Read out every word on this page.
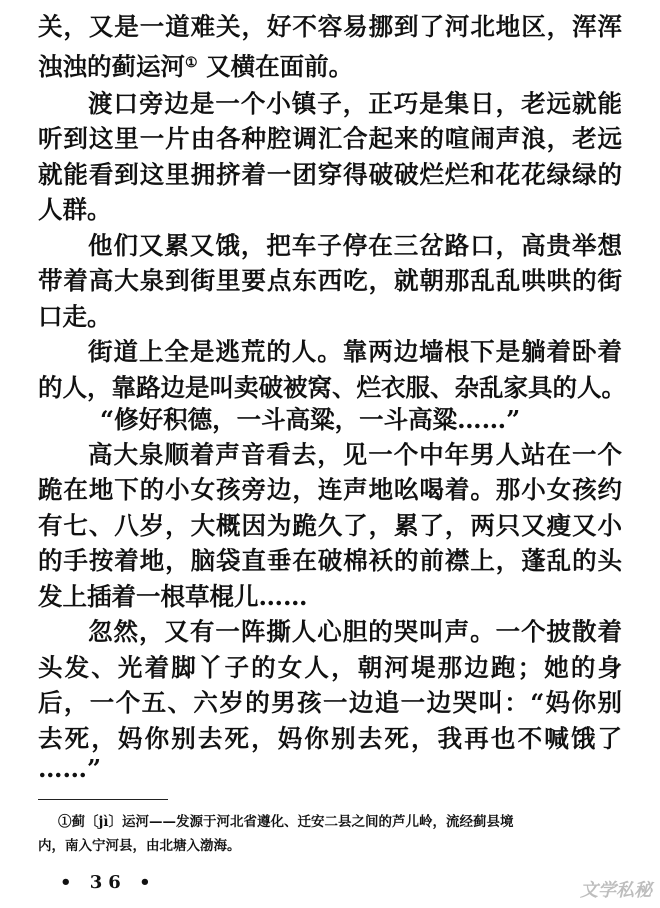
关，又是一道难关，好不容易挪到了河北地区，浑浑
浊浊的蓟运河① 又横在面前。
渡口旁边是一个小镇子，正巧是集日，老远就能
听到这里一片由各种腔调汇合起来的喧闹声浪，老远
就能看到这里拥挤着一团穿得破破烂烂和花花绿绿的
人群。
他们又累又饿，把车子停在三岔路口，高贵举想
带着高大泉到街里要点东西吃，就朝那乱乱哄哄的街
口走。
街道上全是逃荒的人。靠两边墙根下是躺着卧着
的人，靠路边是叫卖破被窝、烂衣服、杂乱家具的人。
“修好积德，一斗高粱，一斗高粱……”
高大泉顺着声音看去，见一个中年男人站在一个
跪在地下的小女孩旁边，连声地吆喝着。那小女孩约
有七、八岁，大概因为跪久了，累了，两只又瘦又小
的手按着地，脑袋直垂在破棉袄的前襟上，蓬乱的头
发上插着一根草棍儿……
忽然，又有一阵撕人心胆的哭叫声。一个披散着
头发、光着脚丫子的女人，朝河堤那边跑；她的身
后，一个五、六岁的男孩一边追一边哭叫：“妈你别
去死，妈你别去死，妈你别去死，我再也不喊饿了
……”
①蓟〔jì〕运河——发源于河北省遵化、迁安二县之间的芦儿岭，流经蓟县境
内，南入宁河县，由北塘入渤海。
• 36 •	文学私秘
